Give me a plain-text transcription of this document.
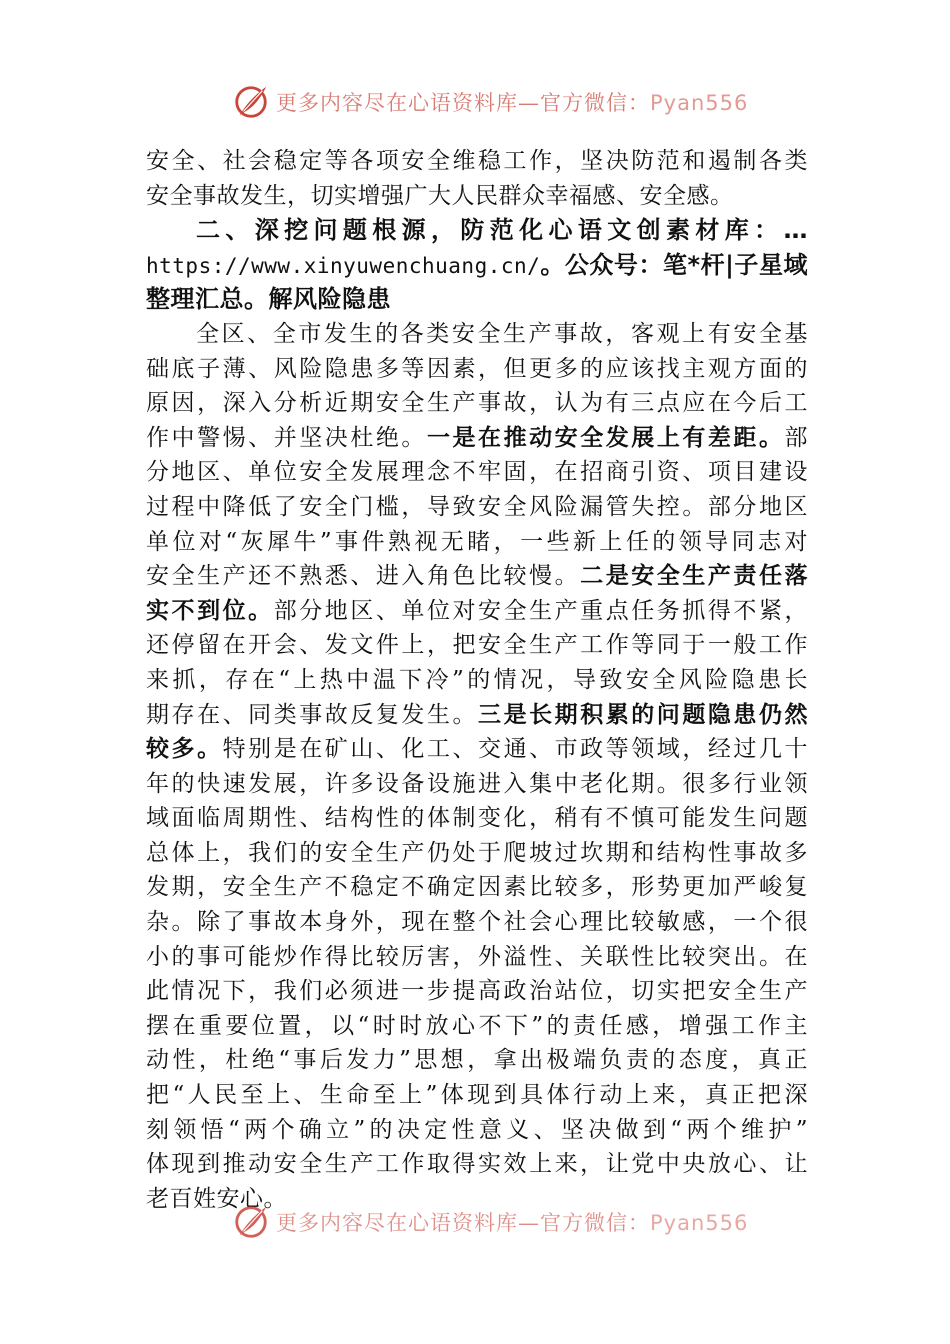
更多内容尽在心语资料库—官方微信：Pyan556
安全、社会稳定等各项安全维稳工作，坚决防范和遏制各类
安全事故发生，切实增强广大人民群众幸福感、安全感。
二、深挖问题根源，防范化心语文创素材库：…
https://www.xinyuwenchuang.cn/。公众号：笔*杆|子星域
整理汇总。解风险隐患
全区、全市发生的各类安全生产事故，客观上有安全基
础底子薄、风险隐患多等因素，但更多的应该找主观方面的
原因，深入分析近期安全生产事故，认为有三点应在今后工
作中警惕、并坚决杜绝。一是在推动安全发展上有差距。部
分地区、单位安全发展理念不牢固，在招商引资、项目建设
过程中降低了安全门槛，导致安全风险漏管失控。部分地区
单位对“灰犀牛”事件熟视无睹，一些新上任的领导同志对
安全生产还不熟悉、进入角色比较慢。二是安全生产责任落
实不到位。部分地区、单位对安全生产重点任务抓得不紧，
还停留在开会、发文件上，把安全生产工作等同于一般工作
来抓，存在“上热中温下冷”的情况，导致安全风险隐患长
期存在、同类事故反复发生。三是长期积累的问题隐患仍然
较多。特别是在矿山、化工、交通、市政等领域，经过几十
年的快速发展，许多设备设施进入集中老化期。很多行业领
域面临周期性、结构性的体制变化，稍有不慎可能发生问题
总体上，我们的安全生产仍处于爬坡过坎期和结构性事故多
发期，安全生产不稳定不确定因素比较多，形势更加严峻复
杂。除了事故本身外，现在整个社会心理比较敏感，一个很
小的事可能炒作得比较厉害，外溢性、关联性比较突出。在
此情况下，我们必须进一步提高政治站位，切实把安全生产
摆在重要位置，以“时时放心不下”的责任感，增强工作主
动性，杜绝“事后发力”思想，拿出极端负责的态度，真正
把“人民至上、生命至上”体现到具体行动上来，真正把深
刻领悟“两个确立”的决定性意义、坚决做到“两个维护”
体现到推动安全生产工作取得实效上来，让党中央放心、让
老百姓安心。
更多内容尽在心语资料库—官方微信：Pyan556
